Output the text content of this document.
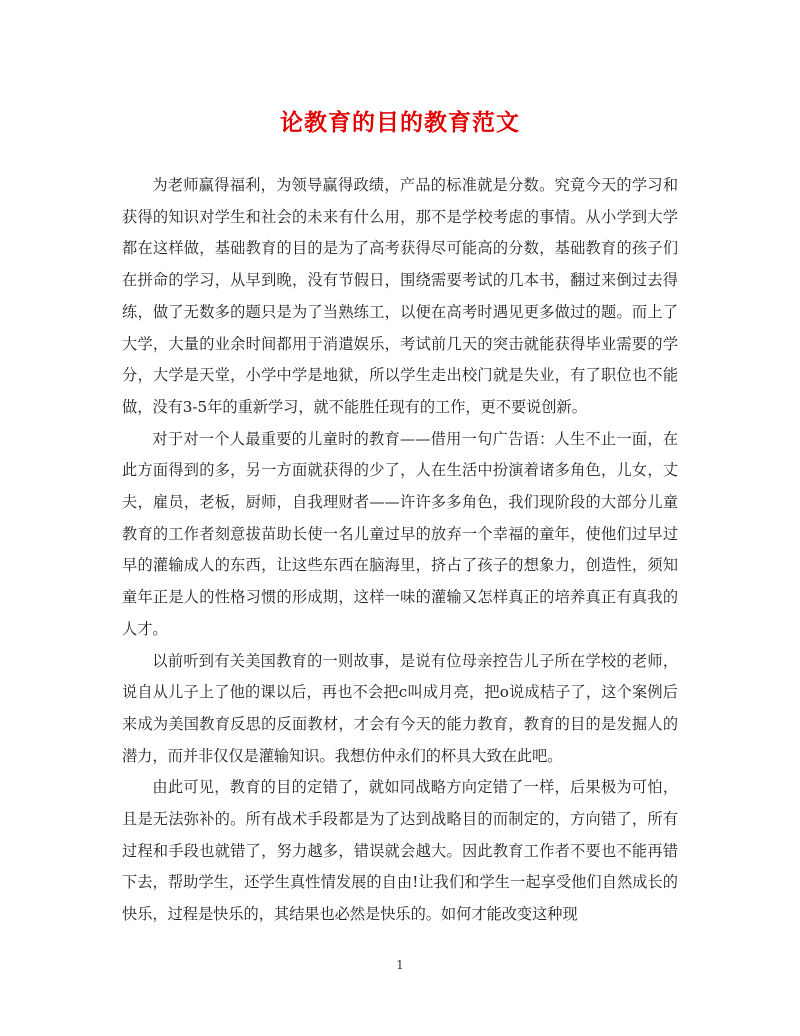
论教育的目的教育范文

为老师赢得福利，为领导赢得政绩，产品的标准就是分数。究竟今天的学习和获得的知识对学生和社会的未来有什么用，那不是学校考虑的事情。从小学到大学都在这样做，基础教育的目的是为了高考获得尽可能高的分数，基础教育的孩子们在拼命的学习，从早到晚，没有节假日，围绕需要考试的几本书，翻过来倒过去得练，做了无数多的题只是为了当熟练工，以便在高考时遇见更多做过的题。而上了大学，大量的业余时间都用于消遣娱乐，考试前几天的突击就能获得毕业需要的学分，大学是天堂，小学中学是地狱，所以学生走出校门就是失业，有了职位也不能做，没有3-5年的重新学习，就不能胜任现有的工作，更不要说创新。

对于对一个人最重要的儿童时的教育——借用一句广告语：人生不止一面，在此方面得到的多，另一方面就获得的少了，人在生活中扮演着诸多角色，儿女，丈夫，雇员，老板，厨师，自我理财者——许许多多角色，我们现阶段的大部分儿童教育的工作者刻意拔苗助长使一名儿童过早的放弃一个幸福的童年，使他们过早过早的灌输成人的东西，让这些东西在脑海里，挤占了孩子的想象力，创造性，须知童年正是人的性格习惯的形成期，这样一味的灌输又怎样真正的培养真正有真我的人才。

以前听到有关美国教育的一则故事，是说有位母亲控告儿子所在学校的老师，说自从儿子上了他的课以后，再也不会把c叫成月亮，把o说成桔子了，这个案例后来成为美国教育反思的反面教材，才会有今天的能力教育，教育的目的是发掘人的潜力，而并非仅仅是灌输知识。我想仿仲永们的杯具大致在此吧。

由此可见，教育的目的定错了，就如同战略方向定错了一样，后果极为可怕，且是无法弥补的。所有战术手段都是为了达到战略目的而制定的，方向错了，所有过程和手段也就错了，努力越多，错误就会越大。因此教育工作者不要也不能再错下去，帮助学生，还学生真性情发展的自由!让我们和学生一起享受他们自然成长的快乐，过程是快乐的，其结果也必然是快乐的。如何才能改变这种现

1
